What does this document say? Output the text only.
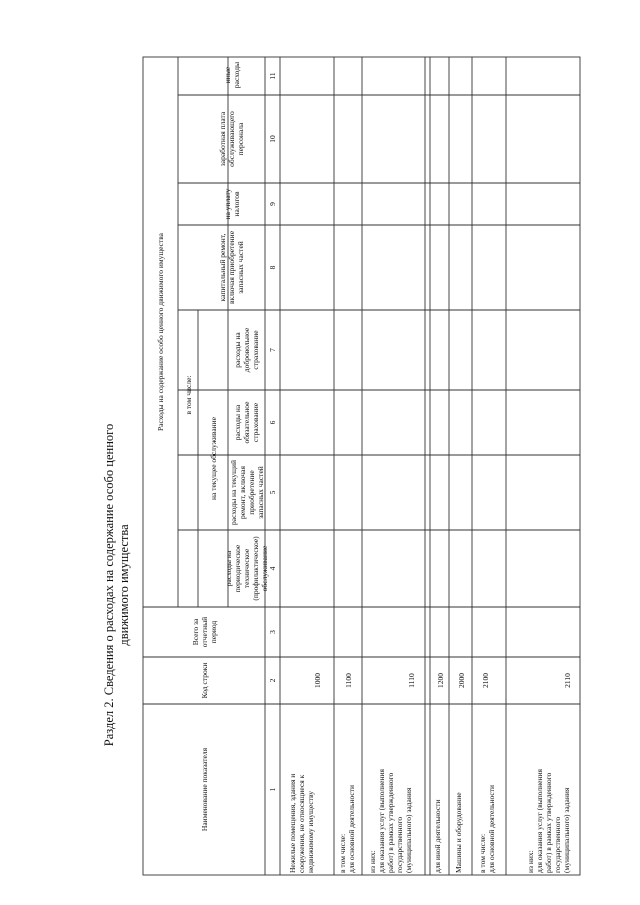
Раздел 2. Сведения о расходах на содержание особо ценного движимого имущества
Наименование показателя
Код строки
Всего за отчетный период
Расходы на содержание особо ценного движимого имущества в том числе:
на текущее обслуживание
расходы на периодическое техническое (профилактическое) обслуживание
расходы на текущий ремонт, включая приобретение запасных частей
расходы на обязательное страхование
расходы на добровольное страхование
капитальный ремонт, включая приобретение запасных частей
на уплату налогов
заработная плата обслуживающего персонала
иные расходы
1
2
3
4
5
6
7
8
9
10
11
Нежилые помещения, здания и сооружения, не относящиеся к недвижимому имуществу
1000
в том числе: для основной деятельности
1100
из них: для оказания услуг (выполнения работ) в рамках утвержденного государственного (муниципального) задания
1110
для иной деятельности
1200
Машины и оборудование
2000
в том числе: для основной деятельности
2100
из них: для оказания услуг (выполнения работ) в рамках утвержденного государственного (муниципального) задания
2110
